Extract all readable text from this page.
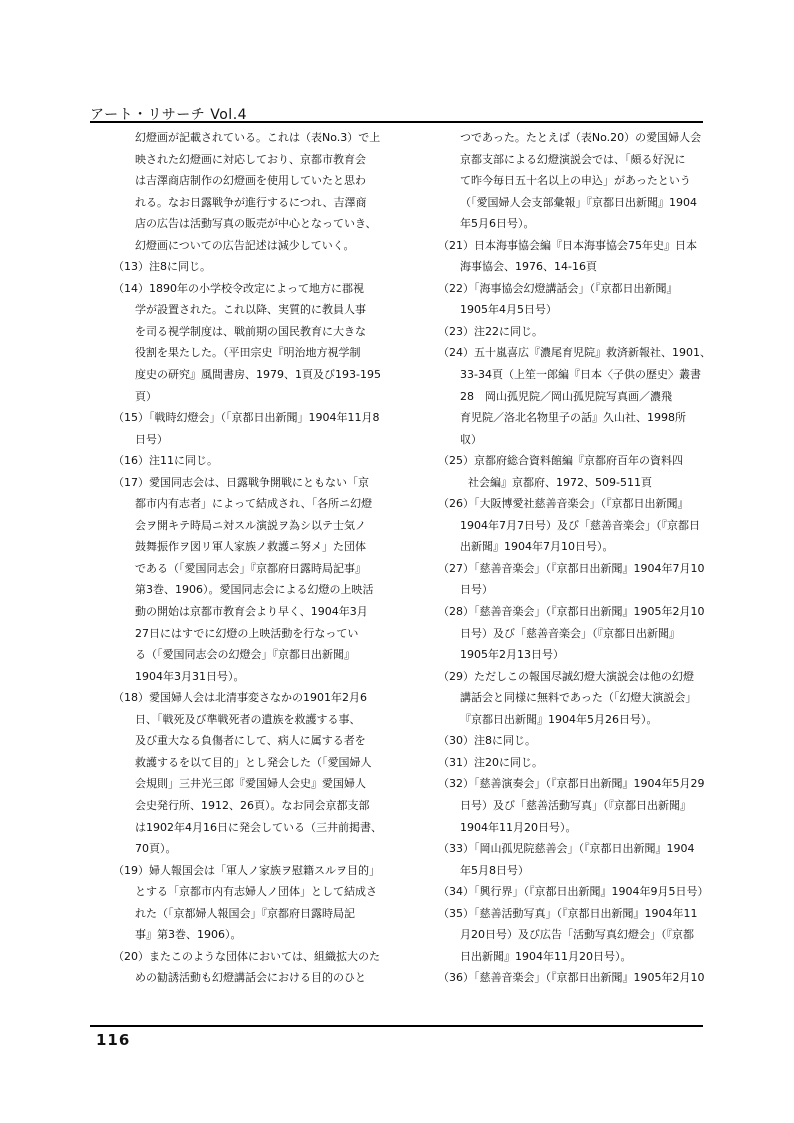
アート・リサーチ Vol.4
幻燈画が記載されている。これは（表No.3）で上
映された幻燈画に対応しており、京都市教育会
は吉澤商店制作の幻燈画を使用していたと思わ
れる。なお日露戦争が進行するにつれ、吉澤商
店の広告は活動写真の販売が中心となっていき、
幻燈画についての広告記述は減少していく。
（13）注8に同じ。
（14）1890年の小学校令改定によって地方に郡視
学が設置された。これ以降、実質的に教員人事
を司る視学制度は、戦前期の国民教育に大きな
役割を果たした。（平田宗史『明治地方視学制
度史の研究』風間書房、1979、1頁及び193-195
頁）
（15）「戦時幻燈会」（「京都日出新聞」1904年11月8
日号）
（16）注11に同じ。
（17）愛国同志会は、日露戦争開戦にともない「京
都市内有志者」によって結成され、「各所ニ幻燈
会ヲ開キテ時局ニ対スル演説ヲ為シ以テ士気ノ
鼓舞振作ヲ図リ軍人家族ノ救護ニ努メ」た団体
である（「愛国同志会」『京都府日露時局記事』
第3巻、1906）。愛国同志会による幻燈の上映活
動の開始は京都市教育会より早く、1904年3月
27日にはすでに幻燈の上映活動を行なってい
る（「愛国同志会の幻燈会」『京都日出新聞』
1904年3月31日号）。
（18）愛国婦人会は北清事変さなかの1901年2月6
日、「戦死及び準戦死者の遺族を救護する事、
及び重大なる負傷者にして、病人に属する者を
救護するを以て目的」とし発会した（「愛国婦人
会規則」三井光三郎『愛国婦人会史』愛国婦人
会史発行所、1912、26頁）。なお同会京都支部
は1902年4月16日に発会している（三井前掲書、
70頁）。
（19）婦人報国会は「軍人ノ家族ヲ慰籍スルヲ目的」
とする「京都市内有志婦人ノ団体」として結成さ
れた（「京都婦人報国会」『京都府日露時局記
事』第3巻、1906）。
（20）またこのような団体においては、組織拡大のた
めの勧誘活動も幻燈講話会における目的のひと
つであった。たとえば（表No.20）の愛国婦人会
京都支部による幻燈演説会では、「頗る好況に
て昨今毎日五十名以上の申込」があったという
（「愛国婦人会支部彙報」『京都日出新聞』1904
年5月6日号）。
（21）日本海事協会編『日本海事協会75年史』日本
海事協会、1976、14-16頁
（22）「海事協会幻燈講話会」（『京都日出新聞』
1905年4月5日号）
（23）注22に同じ。
（24）五十嵐喜広『濃尾育児院』救済新報社、1901、
33-34頁（上笙一郎編『日本〈子供の歴史〉叢書
28　岡山孤児院／岡山孤児院写真画／濃飛
育児院／洛北名物里子の話』久山社、1998所
収）
（25）京都府総合資料館編『京都府百年の資料四
社会編』京都府、1972、509-511頁
（26）「大阪博愛社慈善音楽会」（『京都日出新聞』
1904年7月7日号）及び「慈善音楽会」（『京都日
出新聞』1904年7月10日号）。
（27）「慈善音楽会」（『京都日出新聞』1904年7月10
日号）
（28）「慈善音楽会」（『京都日出新聞』1905年2月10
日号）及び「慈善音楽会」（『京都日出新聞』
1905年2月13日号）
（29）ただしこの報国尽誠幻燈大演説会は他の幻燈
講話会と同様に無料であった（「幻燈大演説会」
『京都日出新聞』1904年5月26日号）。
（30）注8に同じ。
（31）注20に同じ。
（32）「慈善演奏会」（『京都日出新聞』1904年5月29
日号）及び「慈善活動写真」（『京都日出新聞』
1904年11月20日号）。
（33）「岡山孤児院慈善会」（『京都日出新聞』1904
年5月8日号）
（34）「興行界」（『京都日出新聞』1904年9月5日号）
（35）「慈善活動写真」（『京都日出新聞』1904年11
月20日号）及び広告「活動写真幻燈会」（『京都
日出新聞』1904年11月20日号）。
（36）「慈善音楽会」（『京都日出新聞』1905年2月10
116
